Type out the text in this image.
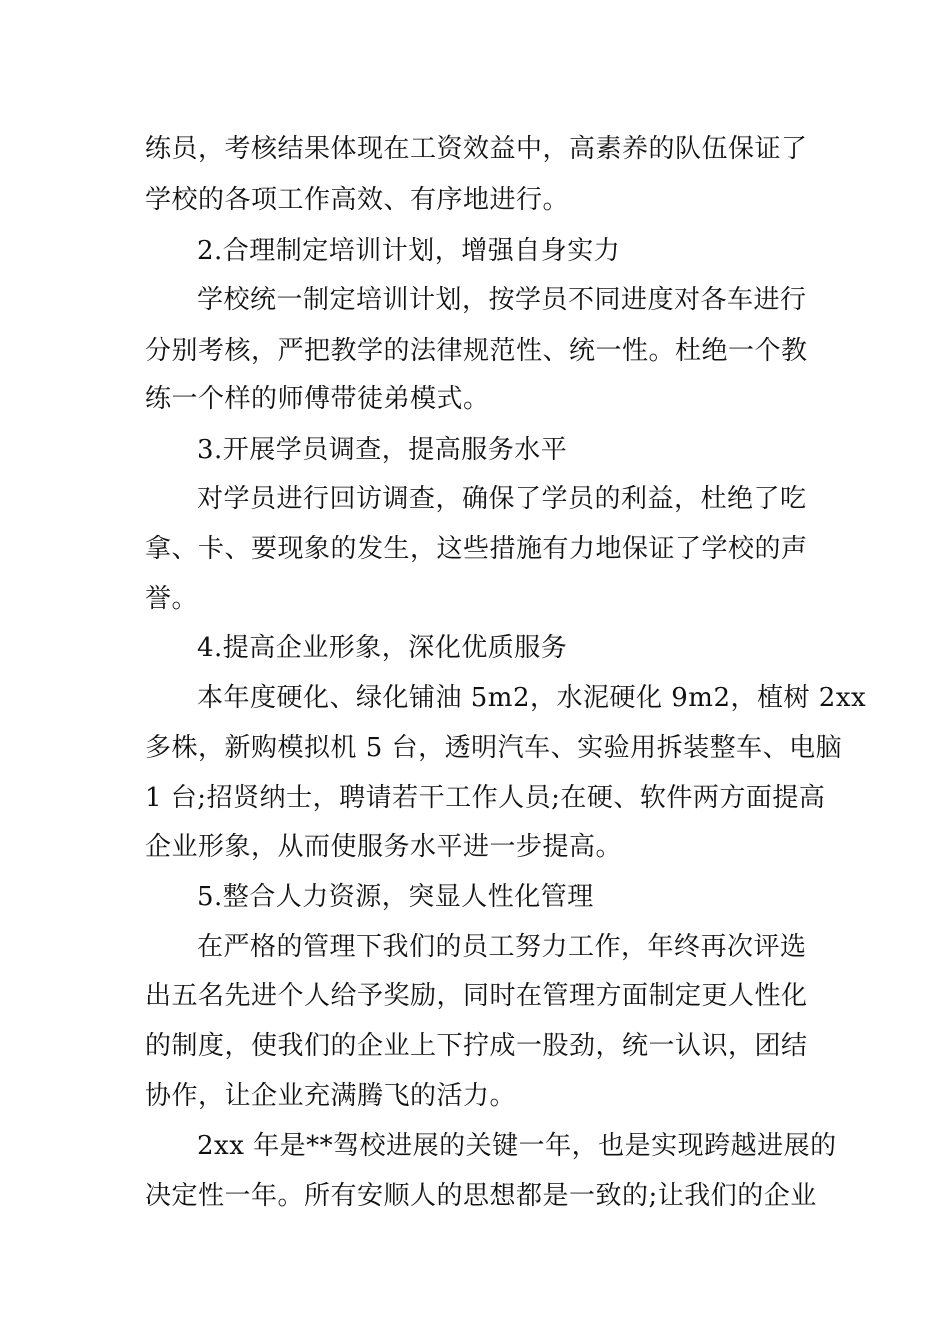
练员，考核结果体现在工资效益中，高素养的队伍保证了
学校的各项工作高效、有序地进行。
2.合理制定培训计划，增强自身实力
学校统一制定培训计划，按学员不同进度对各车进行
分别考核，严把教学的法律规范性、统一性。杜绝一个教
练一个样的师傅带徒弟模式。
3.开展学员调查，提高服务水平
对学员进行回访调查，确保了学员的利益，杜绝了吃
拿、卡、要现象的发生，这些措施有力地保证了学校的声
誉。
4.提高企业形象，深化优质服务
本年度硬化、绿化铺油 5m2，水泥硬化 9m2，植树 2xx
多株，新购模拟机 5 台，透明汽车、实验用拆装整车、电脑
1 台;招贤纳士，聘请若干工作人员;在硬、软件两方面提高
企业形象，从而使服务水平进一步提高。
5.整合人力资源，突显人性化管理
在严格的管理下我们的员工努力工作，年终再次评选
出五名先进个人给予奖励，同时在管理方面制定更人性化
的制度，使我们的企业上下拧成一股劲，统一认识，团结
协作，让企业充满腾飞的活力。
2xx 年是**驾校进展的关键一年，也是实现跨越进展的
决定性一年。所有安顺人的思想都是一致的;让我们的企业
